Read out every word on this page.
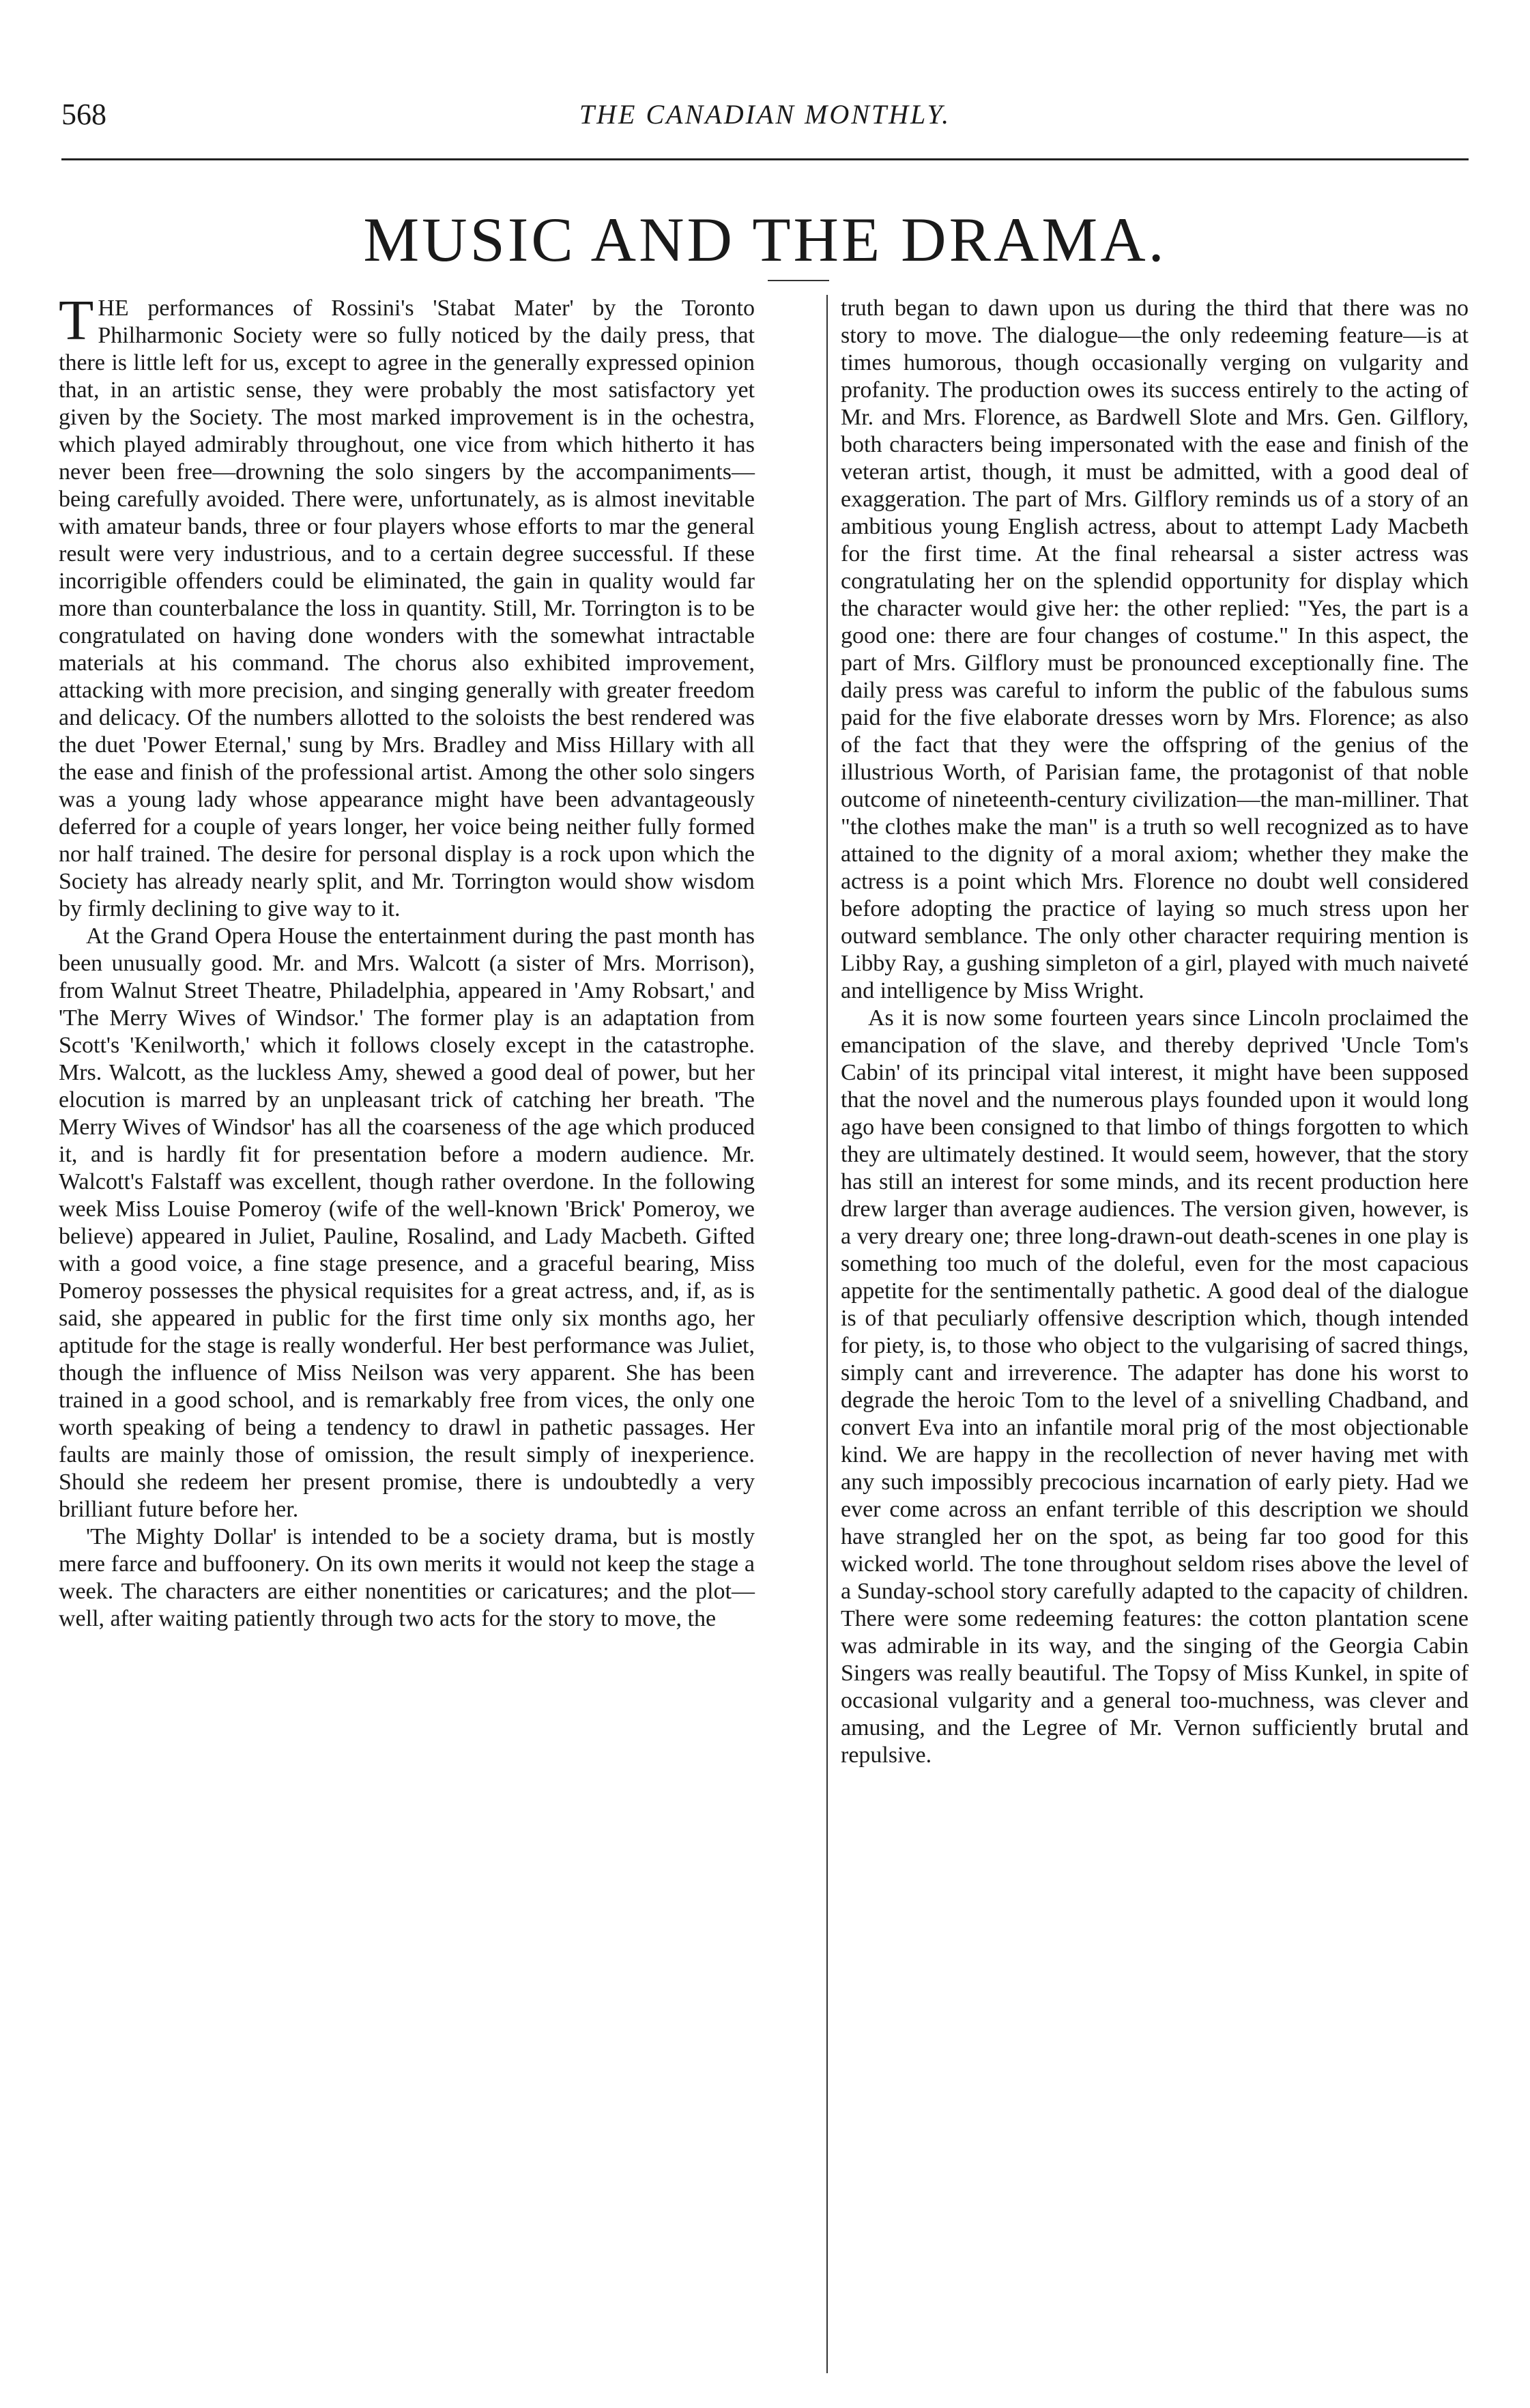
568	THE CANADIAN MONTHLY.
MUSIC AND THE DRAMA.

THE performances of Rossini's 'Stabat Mater' by the Toronto Philharmonic Society were so fully noticed by the daily press, that there is little left for us, except to agree in the generally expressed opinion that, in an artistic sense, they were probably the most satisfactory yet given by the Society. The most marked improvement is in the ochestra, which played admirably throughout, one vice from which hitherto it has never been free—drowning the solo singers by the accompaniments—being carefully avoided. There were, unfortunately, as is almost inevitable with amateur bands, three or four players whose efforts to mar the general result were very industrious, and to a certain degree successful. If these incorrigible offenders could be eliminated, the gain in quality would far more than counterbalance the loss in quantity. Still, Mr. Torrington is to be congratulated on having done wonders with the somewhat intractable materials at his command. The chorus also exhibited improvement, attacking with more precision, and singing generally with greater freedom and delicacy. Of the numbers allotted to the soloists the best rendered was the duet 'Power Eternal,' sung by Mrs. Bradley and Miss Hillary with all the ease and finish of the professional artist. Among the other solo singers was a young lady whose appearance might have been advantageously deferred for a couple of years longer, her voice being neither fully formed nor half trained. The desire for personal display is a rock upon which the Society has already nearly split, and Mr. Torrington would show wisdom by firmly declining to give way to it.

At the Grand Opera House the entertainment during the past month has been unusually good. Mr. and Mrs. Walcott (a sister of Mrs. Morrison), from Walnut Street Theatre, Philadelphia, appeared in 'Amy Robsart,' and 'The Merry Wives of Windsor.' The former play is an adaptation from Scott's 'Kenilworth,' which it follows closely except in the catastrophe. Mrs. Walcott, as the luckless Amy, shewed a good deal of power, but her elocution is marred by an unpleasant trick of catching her breath. 'The Merry Wives of Windsor' has all the coarseness of the age which produced it, and is hardly fit for presentation before a modern audience. Mr. Walcott's Falstaff was excellent, though rather overdone. In the following week Miss Louise Pomeroy (wife of the well-known 'Brick' Pomeroy, we believe) appeared in Juliet, Pauline, Rosalind, and Lady Macbeth. Gifted with a good voice, a fine stage presence, and a graceful bearing, Miss Pomeroy possesses the physical requisites for a great actress, and, if, as is said, she appeared in public for the first time only six months ago, her aptitude for the stage is really wonderful. Her best performance was Juliet, though the influence of Miss Neilson was very apparent. She has been trained in a good school, and is remarkably free from vices, the only one worth speaking of being a tendency to drawl in pathetic passages. Her faults are mainly those of omission, the result simply of inexperience. Should she redeem her present promise, there is undoubtedly a very brilliant future before her.

'The Mighty Dollar' is intended to be a society drama, but is mostly mere farce and buffoonery. On its own merits it would not keep the stage a week. The characters are either nonentities or caricatures; and the plot—well, after waiting patiently through two acts for the story to move, the

truth began to dawn upon us during the third that there was no story to move. The dialogue—the only redeeming feature—is at times humorous, though occasionally verging on vulgarity and profanity. The production owes its success entirely to the acting of Mr. and Mrs. Florence, as Bardwell Slote and Mrs. Gen. Gilflory, both characters being impersonated with the ease and finish of the veteran artist, though, it must be admitted, with a good deal of exaggeration. The part of Mrs. Gilflory reminds us of a story of an ambitious young English actress, about to attempt Lady Macbeth for the first time. At the final rehearsal a sister actress was congratulating her on the splendid opportunity for display which the character would give her: the other replied: "Yes, the part is a good one: there are four changes of costume." In this aspect, the part of Mrs. Gilflory must be pronounced exceptionally fine. The daily press was careful to inform the public of the fabulous sums paid for the five elaborate dresses worn by Mrs. Florence; as also of the fact that they were the offspring of the genius of the illustrious Worth, of Parisian fame, the protagonist of that noble outcome of nineteenth-century civilization—the man-milliner. That "the clothes make the man" is a truth so well recognized as to have attained to the dignity of a moral axiom; whether they make the actress is a point which Mrs. Florence no doubt well considered before adopting the practice of laying so much stress upon her outward semblance. The only other character requiring mention is Libby Ray, a gushing simpleton of a girl, played with much naiveté and intelligence by Miss Wright.

As it is now some fourteen years since Lincoln proclaimed the emancipation of the slave, and thereby deprived 'Uncle Tom's Cabin' of its principal vital interest, it might have been supposed that the novel and the numerous plays founded upon it would long ago have been consigned to that limbo of things forgotten to which they are ultimately destined. It would seem, however, that the story has still an interest for some minds, and its recent production here drew larger than average audiences. The version given, however, is a very dreary one; three long-drawn-out death-scenes in one play is something too much of the doleful, even for the most capacious appetite for the sentimentally pathetic. A good deal of the dialogue is of that peculiarly offensive description which, though intended for piety, is, to those who object to the vulgarising of sacred things, simply cant and irreverence. The adapter has done his worst to degrade the heroic Tom to the level of a snivelling Chadband, and convert Eva into an infantile moral prig of the most objectionable kind. We are happy in the recollection of never having met with any such impossibly precocious incarnation of early piety. Had we ever come across an enfant terrible of this description we should have strangled her on the spot, as being far too good for this wicked world. The tone throughout seldom rises above the level of a Sunday-school story carefully adapted to the capacity of children. There were some redeeming features: the cotton plantation scene was admirable in its way, and the singing of the Georgia Cabin Singers was really beautiful. The Topsy of Miss Kunkel, in spite of occasional vulgarity and a general too-muchness, was clever and amusing, and the Legree of Mr. Vernon sufficiently brutal and repulsive.
